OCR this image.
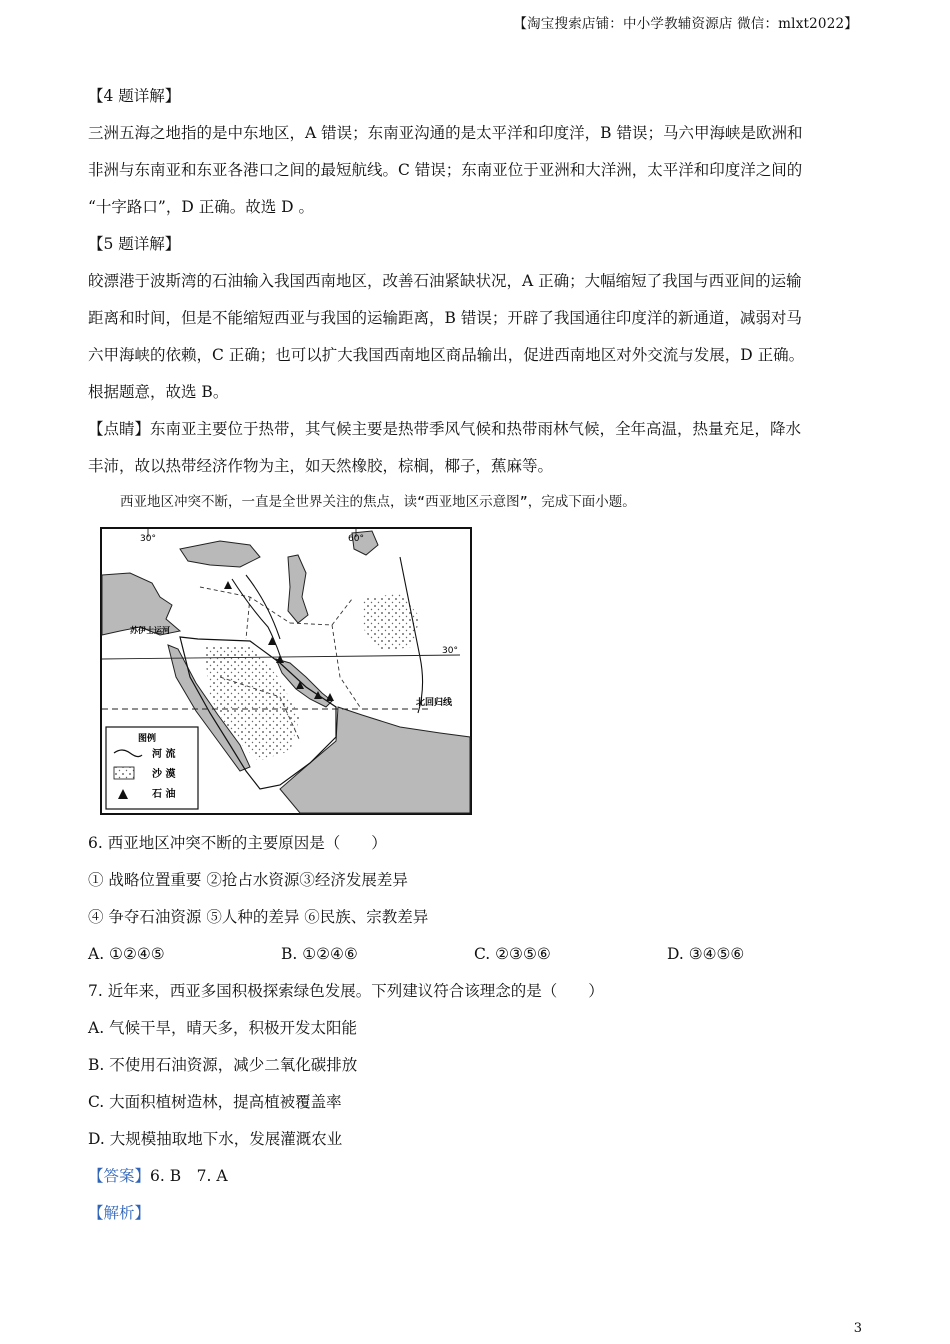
【淘宝搜索店铺：中小学教辅资源店 微信：mlxt2022】

【4 题详解】

三洲五海之地指的是中东地区，A 错误；东南亚沟通的是太平洋和印度洋，B 错误；马六甲海峡是欧洲和

非洲与东南亚和东亚各港口之间的最短航线。C 错误；东南亚位于亚洲和大洋洲，太平洋和印度洋之间的

“十字路口”，D 正确。故选 D 。

【5 题详解】

皎漂港于波斯湾的石油输入我国西南地区，改善石油紧缺状况，A 正确；大幅缩短了我国与西亚间的运输

距离和时间，但是不能缩短西亚与我国的运输距离，B 错误；开辟了我国通往印度洋的新通道，减弱对马

六甲海峡的依赖，C 正确；也可以扩大我国西南地区商品输出，促进西南地区对外交流与发展，D 正确。

根据题意，故选 B。

【点睛】东南亚主要位于热带，其气候主要是热带季风气候和热带雨林气候，全年高温，热量充足，降水

丰沛，故以热带经济作物为主，如天然橡胶，棕榈，椰子，蕉麻等。

西亚地区冲突不断，一直是全世界关注的焦点，读“西亚地区示意图”，完成下面小题。

30°	60°
30°
苏伊士运河
北回归线
图例
河 流
沙 漠
石 油

6. 西亚地区冲突不断的主要原因是（　　）

① 战略位置重要 ②抢占水资源③经济发展差异

④ 争夺石油资源 ⑤人种的差异 ⑥民族、宗教差异

A. ①②④⑤	B. ①②④⑥	C. ②③⑤⑥	D. ③④⑤⑥

7. 近年来，西亚多国积极探索绿色发展。下列建议符合该理念的是（　　）

A. 气候干旱，晴天多，积极开发太阳能

B. 不使用石油资源，减少二氧化碳排放

C. 大面积植树造林，提高植被覆盖率

D. 大规模抽取地下水，发展灌溉农业

【答案】6. B　7. A

【解析】

3
